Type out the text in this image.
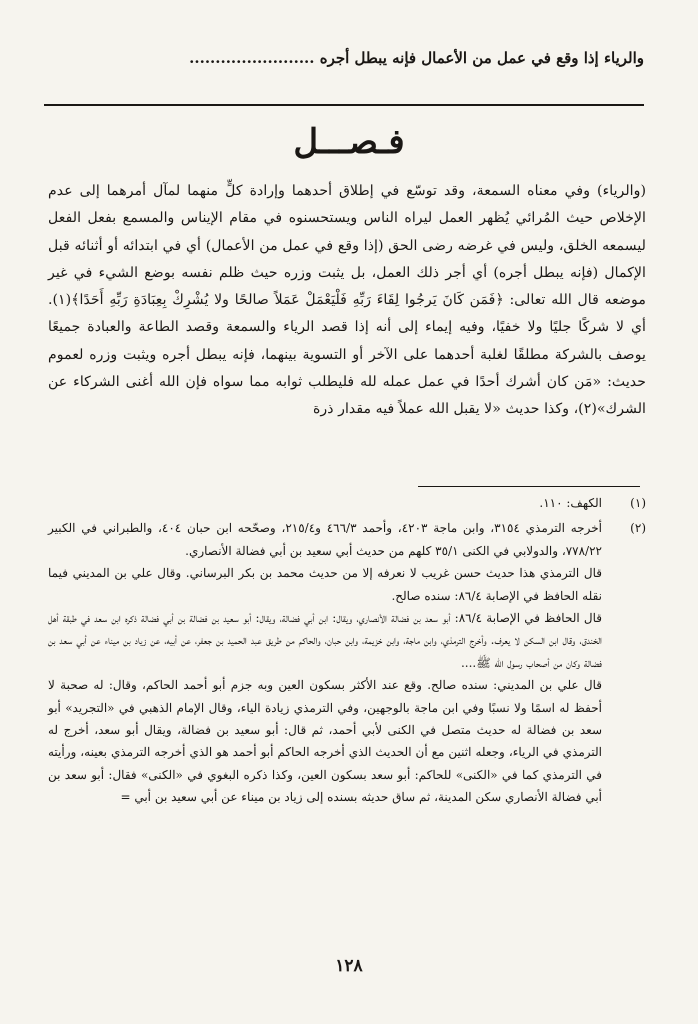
والرياء إذا وقع في عمل من الأعمال فإنه يبطل أجره ........................
فـصـــل

(والرياء) وفي معناه السمعة، وقد توسّع في إطلاق أحدهما وإرادة كلٍّ منهما لمآل أمرهما إلى عدم الإخلاص حيث المُرائي يُظهر العمل ليراه الناس ويستحسنوه في مقام الإيناس والمسمع بفعل الفعل ليسمعه الخلق، وليس في غرضه رضى الحق (إذا وقع في عمل من الأعمال) أي في ابتدائه أو أثنائه قبل الإكمال (فإنه يبطل أجره) أي أجر ذلك العمل، بل يثبت وزره حيث ظلم نفسه بوضع الشيء في غير موضعه قال الله تعالى: ﴿فَمَن كَانَ يَرجُوا لِقَاءَ رَبِّهِ فَلْيَعْمَلْ عَمَلاً صالحًا ولا يُشْرِكْ بِعِبَادَةِ رَبِّهِ أَحَدًا﴾(١). أي لا شركًا جليًا ولا خفيًا، وفيه إيماء إلى أنه إذا قصد الرياء والسمعة وقصد الطاعة والعبادة جميعًا يوصف بالشركة مطلقًا لغلبة أحدهما على الآخر أو التسوية بينهما، فإنه يبطل أجره ويثبت وزره لعموم حديث: «مَن كان أشرك أحدًا في عمل عمله لله فليطلب ثوابه مما سواه فإن الله أغنى الشركاء عن الشرك»(٢)، وكذا حديث «لا يقبل الله عملاً فيه مقدار ذرة

(١)

الكهف: ١١٠.

(٢)

أخرجه الترمذي ٣١٥٤، وابن ماجة ٤٢٠٣، وأحمد ٤٦٦/٣ و٢١٥/٤، وصحّحه ابن حبان ٤٠٤، والطبراني في الكبير ٧٧٨/٢٢، والدولابي في الكنى ٣٥/١ كلهم من حديث أبي سعيد بن أبي فضالة الأنصاري.

قال الترمذي هذا حديث حسن غريب لا نعرفه إلا من حديث محمد بن بكر البرساني. وقال علي بن المديني فيما نقله الحافظ في الإصابة ٨٦/٤: سنده صالح.

قال الحافظ في الإصابة ٨٦/٤: أبو سعد بن فضالة الأنصاري، ويقال: ابن أبي فضالة، ويقال: أبو سعيد بن فضالة بن أبي فضالة ذكره ابن سعد في طبقة أهل الخندق، وقال ابن السكن لا يعرف. وأخرج الترمذي، وابن ماجة، وابن خزيمة، وابن حبان، والحاكم من طريق عبد الحميد بن جعفر، عن أبيه، عن زياد بن ميناء عن أبي سعد بن فضالة وكان من أصحاب رسول الله ﷺ....

قال علي بن المديني: سنده صالح. وقع عند الأكثر بسكون العين وبه جزم أبو أحمد الحاكم، وقال: له صحبة لا أحفظ له اسمًا ولا نسبًا وفي ابن ماجة بالوجهين، وفي الترمذي زيادة الياء، وقال الإمام الذهبي في «التجريد» أبو سعد بن فضالة له حديث متصل في الكنى لأبي أحمد، ثم قال: أبو سعيد بن فضالة، ويقال أبو سعد، أخرج له الترمذي في الرياء، وجعله اثنين مع أن الحديث الذي أخرجه الحاكم أبو أحمد هو الذي أخرجه الترمذي بعينه، ورأيته في الترمذي كما في «الكنى» للحاكم: أبو سعد بسكون العين، وكذا ذكره البغوي في «الكنى» فقال: أبو سعد بن أبي فضالة الأنصاري سكن المدينة، ثم ساق حديثه بسنده إلى زياد بن ميناء عن أبي سعيد بن أبي =

١٢٨
